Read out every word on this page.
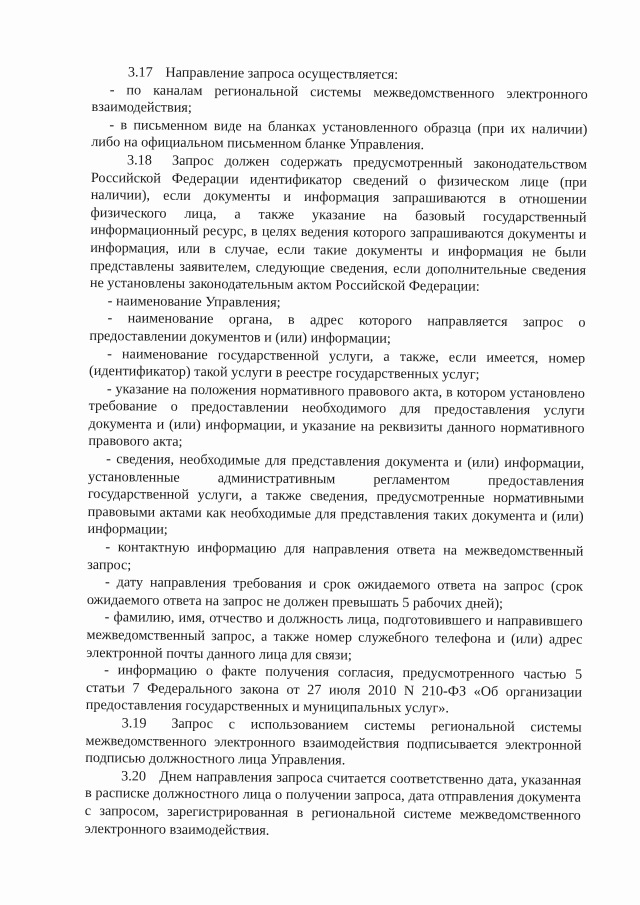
3.17 Направление запроса осуществляется:

- по каналам региональной системы межведомственного электронного взаимодействия;

- в письменном виде на бланках установленного образца (при их наличии) либо на официальном письменном бланке Управления.

3.18 Запрос должен содержать предусмотренный законодательством Российской Федерации идентификатор сведений о физическом лице (при наличии), если документы и информация запрашиваются в отношении физического лица, а также указание на базовый государственный информационный ресурс, в целях ведения которого запрашиваются документы и информация, или в случае, если такие документы и информация не были представлены заявителем, следующие сведения, если дополнительные сведения не установлены законодательным актом Российской Федерации:

- наименование Управления;

- наименование органа, в адрес которого направляется запрос о предоставлении документов и (или) информации;

- наименование государственной услуги, а также, если имеется, номер (идентификатор) такой услуги в реестре государственных услуг;

- указание на положения нормативного правового акта, в котором установлено требование о предоставлении необходимого для предоставления услуги документа и (или) информации, и указание на реквизиты данного нормативного правового акта;

- сведения, необходимые для представления документа и (или) информации, установленные административным регламентом предоставления государственной услуги, а также сведения, предусмотренные нормативными правовыми актами как необходимые для представления таких документа и (или) информации;

- контактную информацию для направления ответа на межведомственный запрос;

- дату направления требования и срок ожидаемого ответа на запрос (срок ожидаемого ответа на запрос не должен превышать 5 рабочих дней);

- фамилию, имя, отчество и должность лица, подготовившего и направившего межведомственный запрос, а также номер служебного телефона и (или) адрес электронной почты данного лица для связи;

- информацию о факте получения согласия, предусмотренного частью 5 статьи 7 Федерального закона от 27 июля 2010 N 210-ФЗ «Об организации предоставления государственных и муниципальных услуг».

3.19 Запрос с использованием системы региональной системы межведомственного электронного взаимодействия подписывается электронной подписью должностного лица Управления.

3.20 Днем направления запроса считается соответственно дата, указанная в расписке должностного лица о получении запроса, дата отправления документа с запросом, зарегистрированная в региональной системе межведомственного электронного взаимодействия.
